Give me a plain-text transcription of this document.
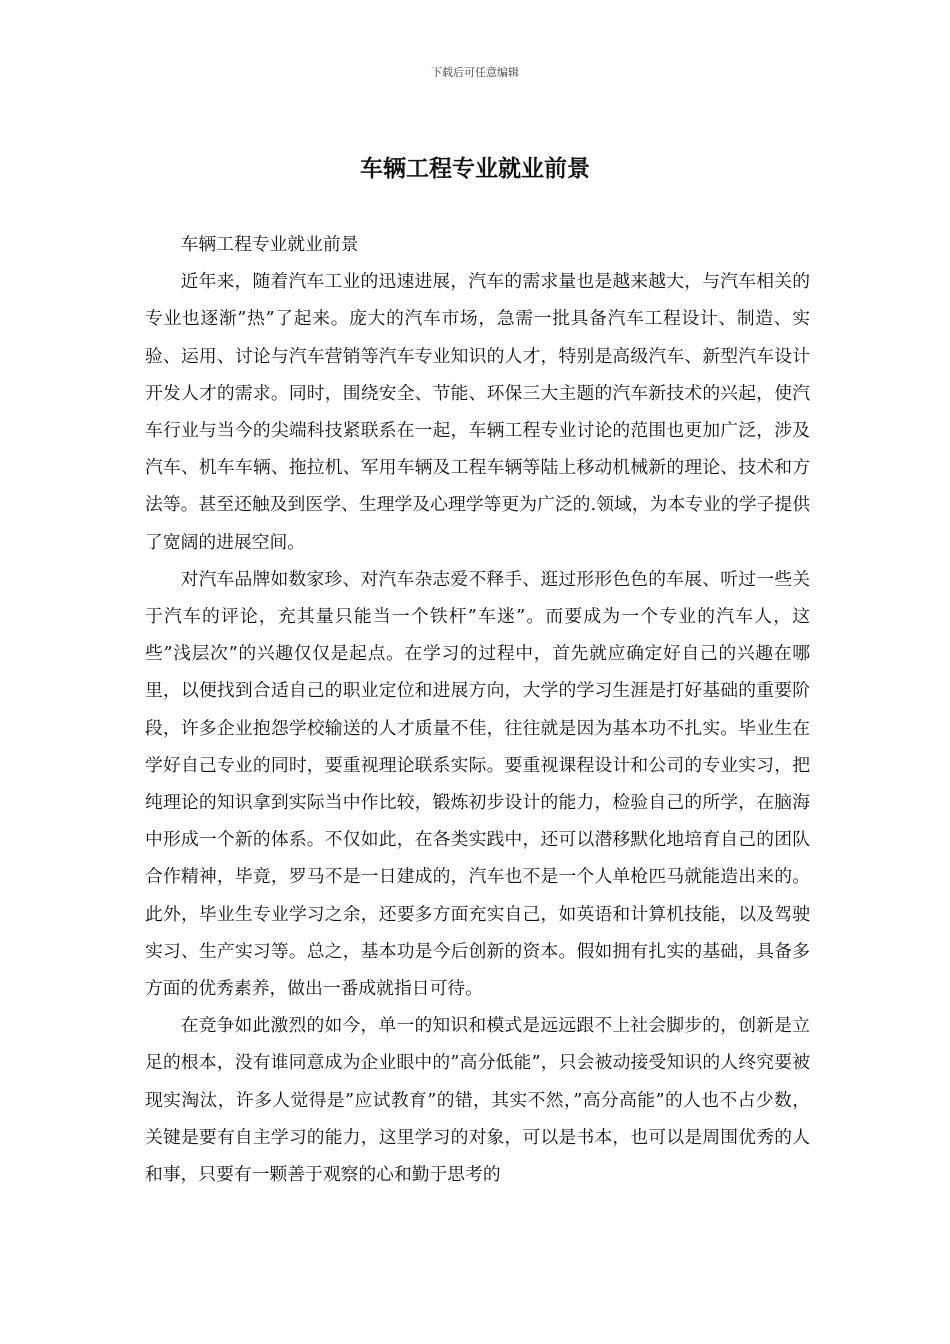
下载后可任意编辑
车辆工程专业就业前景

车辆工程专业就业前景

近年来，随着汽车工业的迅速进展，汽车的需求量也是越来越大，与汽车相关的专业也逐渐”热”了起来。庞大的汽车市场，急需一批具备汽车工程设计、制造、实验、运用、讨论与汽车营销等汽车专业知识的人才，特别是高级汽车、新型汽车设计开发人才的需求。同时，围绕安全、节能、环保三大主题的汽车新技术的兴起，使汽车行业与当今的尖端科技紧联系在一起，车辆工程专业讨论的范围也更加广泛，涉及汽车、机车车辆、拖拉机、军用车辆及工程车辆等陆上移动机械新的理论、技术和方法等。甚至还触及到医学、生理学及心理学等更为广泛的.领域，为本专业的学子提供了宽阔的进展空间。

对汽车品牌如数家珍、对汽车杂志爱不释手、逛过形形色色的车展、听过一些关于汽车的评论，充其量只能当一个铁杆”车迷”。而要成为一个专业的汽车人，这些”浅层次”的兴趣仅仅是起点。在学习的过程中，首先就应确定好自己的兴趣在哪里，以便找到合适自己的职业定位和进展方向，大学的学习生涯是打好基础的重要阶段，许多企业抱怨学校输送的人才质量不佳，往往就是因为基本功不扎实。毕业生在学好自己专业的同时，要重视理论联系实际。要重视课程设计和公司的专业实习，把纯理论的知识拿到实际当中作比较，锻炼初步设计的能力，检验自己的所学，在脑海中形成一个新的体系。不仅如此，在各类实践中，还可以潜移默化地培育自己的团队合作精神，毕竟，罗马不是一日建成的，汽车也不是一个人单枪匹马就能造出来的。此外，毕业生专业学习之余，还要多方面充实自己，如英语和计算机技能，以及驾驶实习、生产实习等。总之，基本功是今后创新的资本。假如拥有扎实的基础，具备多方面的优秀素养，做出一番成就指日可待。

在竞争如此激烈的如今，单一的知识和模式是远远跟不上社会脚步的，创新是立足的根本，没有谁同意成为企业眼中的”高分低能”，只会被动接受知识的人终究要被现实淘汰，许多人觉得是”应试教育”的错，其实不然，”高分高能”的人也不占少数，关键是要有自主学习的能力，这里学习的对象，可以是书本，也可以是周围优秀的人和事，只要有一颗善于观察的心和勤于思考的
